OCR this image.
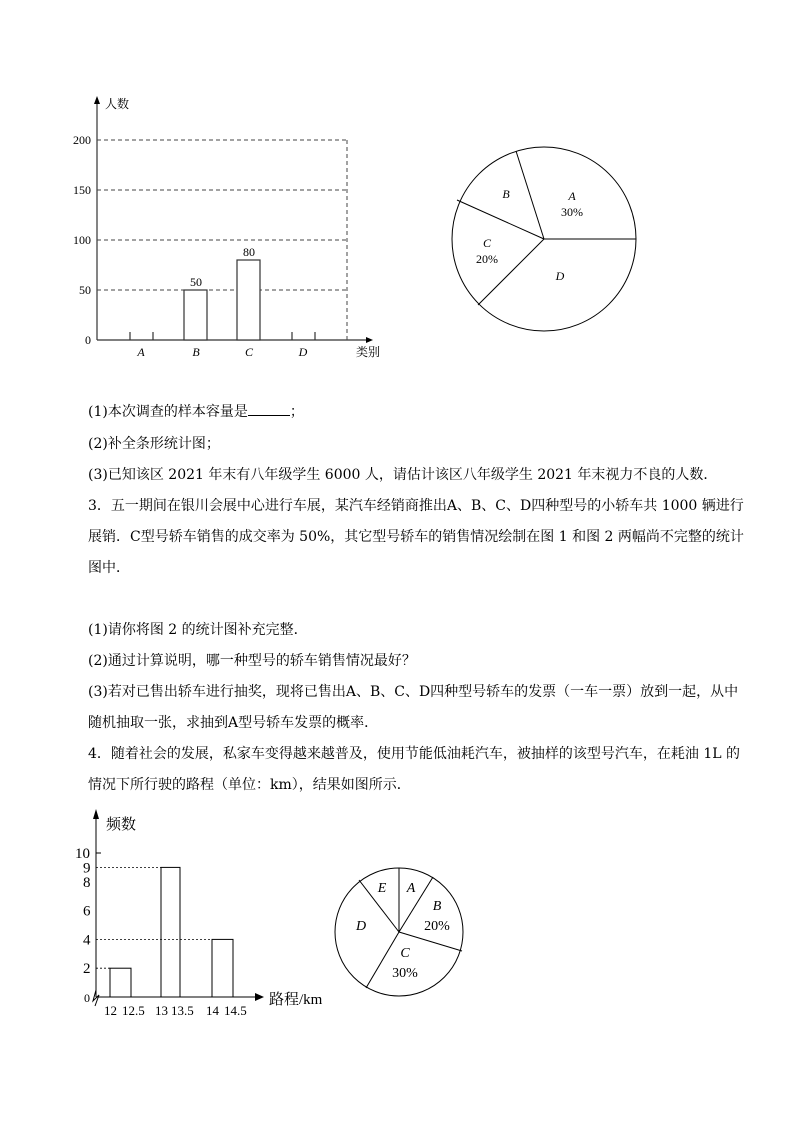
人数
类别
0
50
100
150
200
A	B
50
C
80
D
A
30%
B
C
20%
D
频数
路程/km
0
2
4
6
8
9
10
12 12.5 13 13.5 14 14.5
A
B
20%
C
30%
D
E
(1)本次调查的样本容量是	；
(2)补全条形统计图；
(3)已知该区 2021 年末有八年级学生 6000 人，请估计该区八年级学生 2021 年末视力不良的人数．
3．五一期间在银川会展中心进行车展，某汽车经销商推出A、B、C、D四种型号的小轿车共 1000 辆进行
展销．C型号轿车销售的成交率为 50%，其它型号轿车的销售情况绘制在图 1 和图 2 两幅尚不完整的统计
图中．
(1)请你将图 2 的统计图补充完整．
(2)通过计算说明，哪一种型号的轿车销售情况最好？
(3)若对已售出轿车进行抽奖，现将已售出A、B、C、D四种型号轿车的发票（一车一票）放到一起，从中
随机抽取一张，求抽到A型号轿车发票的概率．
4．随着社会的发展，私家车变得越来越普及，使用节能低油耗汽车，被抽样的该型号汽车，在耗油 1L 的
情况下所行驶的路程（单位：km），结果如图所示．
